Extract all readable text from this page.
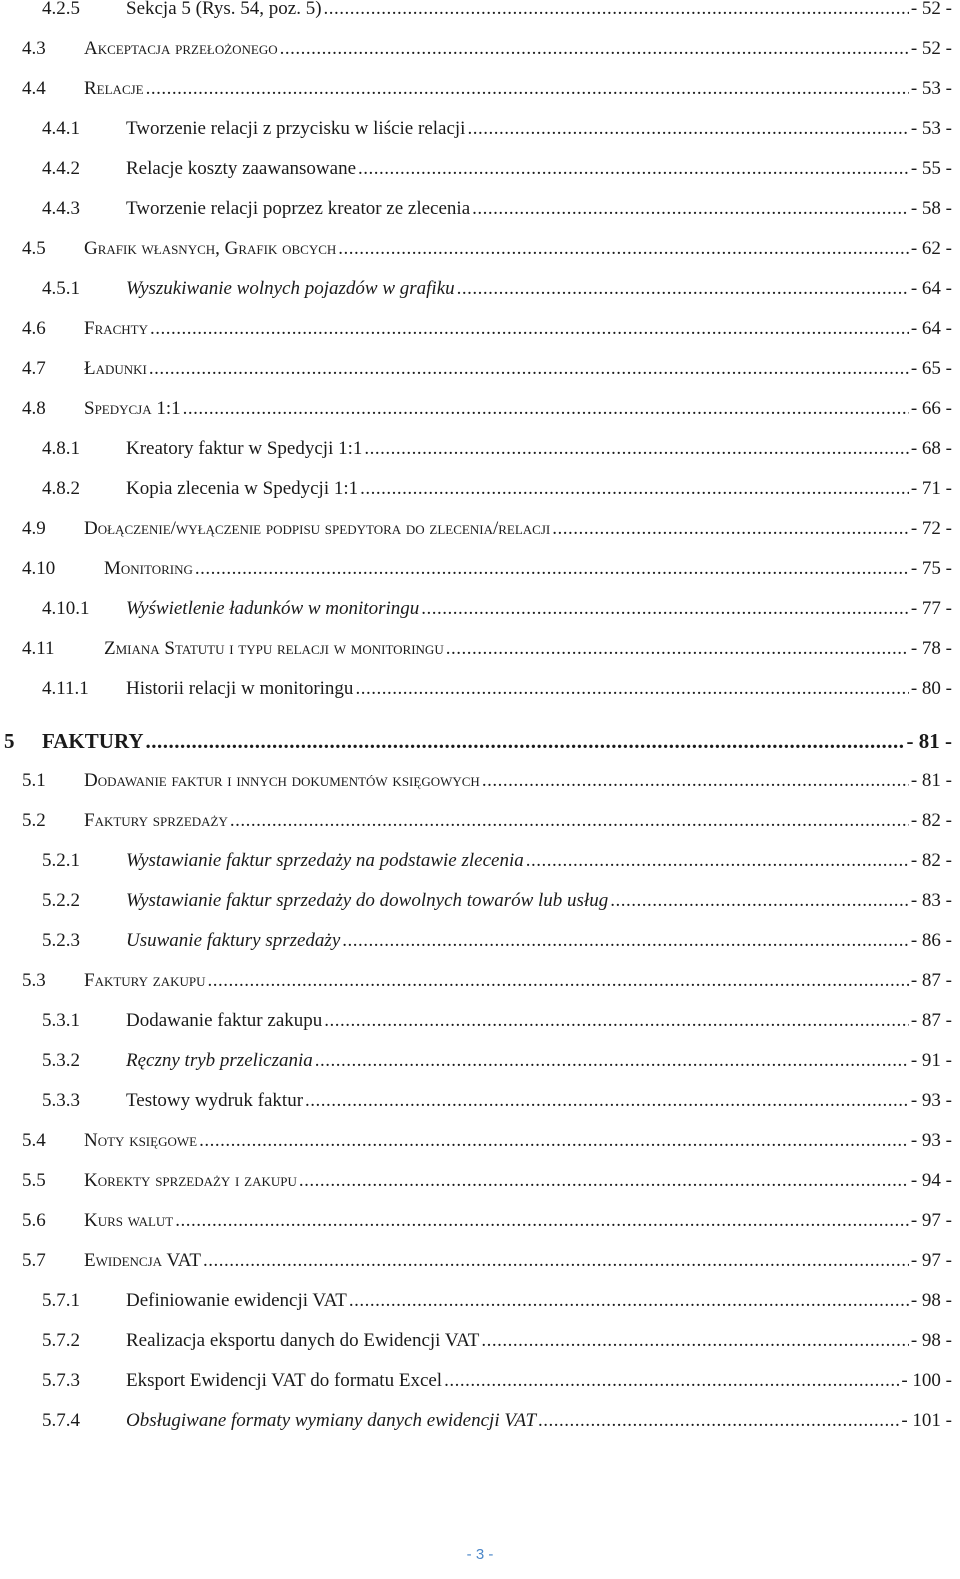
4.2.5 Sekcja 5 (Rys. 54, poz. 5) .....	- 52 -
4.3 Akceptacja przełożonego .....	- 52 -
4.4 Relacje .....	- 53 -
4.4.1 Tworzenie relacji z przycisku w liście relacji .....	- 53 -
4.4.2 Relacje koszty zaawansowane .....	- 55 -
4.4.3 Tworzenie relacji poprzez kreator ze zlecenia .....	- 58 -
4.5 Grafik własnych, Grafik obcych .....	- 62 -
4.5.1 Wyszukiwanie wolnych pojazdów w grafiku .....	- 64 -
4.6 Frachty .....	- 64 -
4.7 Ładunki .....	- 65 -
4.8 Spedycja 1:1 .....	- 66 -
4.8.1 Kreatory faktur w Spedycji 1:1 .....	- 68 -
4.8.2 Kopia zlecenia w Spedycji 1:1 .....	- 71 -
4.9 Dołączenie/wyłączenie podpisu spedytora do zlecenia/relacji .....	- 72 -
4.10	Monitoring .....	- 75 -
4.10.1 Wyświetlenie ładunków w monitoringu .....	- 77 -
4.11	Zmiana Statutu i typu relacji w monitoringu .....	- 78 -
4.11.1 Historii relacji w monitoringu .....	- 80 -
5 FAKTURY .....	- 81 -
5.1 Dodawanie faktur i innych dokumentów księgowych .....	- 81 -
5.2 Faktury sprzedaży .....	- 82 -
5.2.1 Wystawianie faktur sprzedaży na podstawie zlecenia .....	- 82 -
5.2.2 Wystawianie faktur sprzedaży do dowolnych towarów lub usług .....	- 83 -
5.2.3 Usuwanie faktury sprzedaży .....	- 86 -
5.3 Faktury zakupu .....	- 87 -
5.3.1 Dodawanie faktur zakupu .....	- 87 -
5.3.2 Ręczny tryb przeliczania .....	- 91 -
5.3.3 Testowy wydruk faktur .....	- 93 -
5.4 Noty księgowe .....	- 93 -
5.5 Korekty sprzedaży i zakupu .....	- 94 -
5.6 Kurs walut .....	- 97 -
5.7 Ewidencja VAT .....	- 97 -
5.7.1 Definiowanie ewidencji VAT .....	- 98 -
5.7.2 Realizacja eksportu danych do Ewidencji VAT .....	- 98 -
5.7.3 Eksport Ewidencji VAT do formatu Excel .....	- 100 -
5.7.4 Obsługiwane formaty wymiany danych ewidencji VAT .....	- 101 -
- 3 -
